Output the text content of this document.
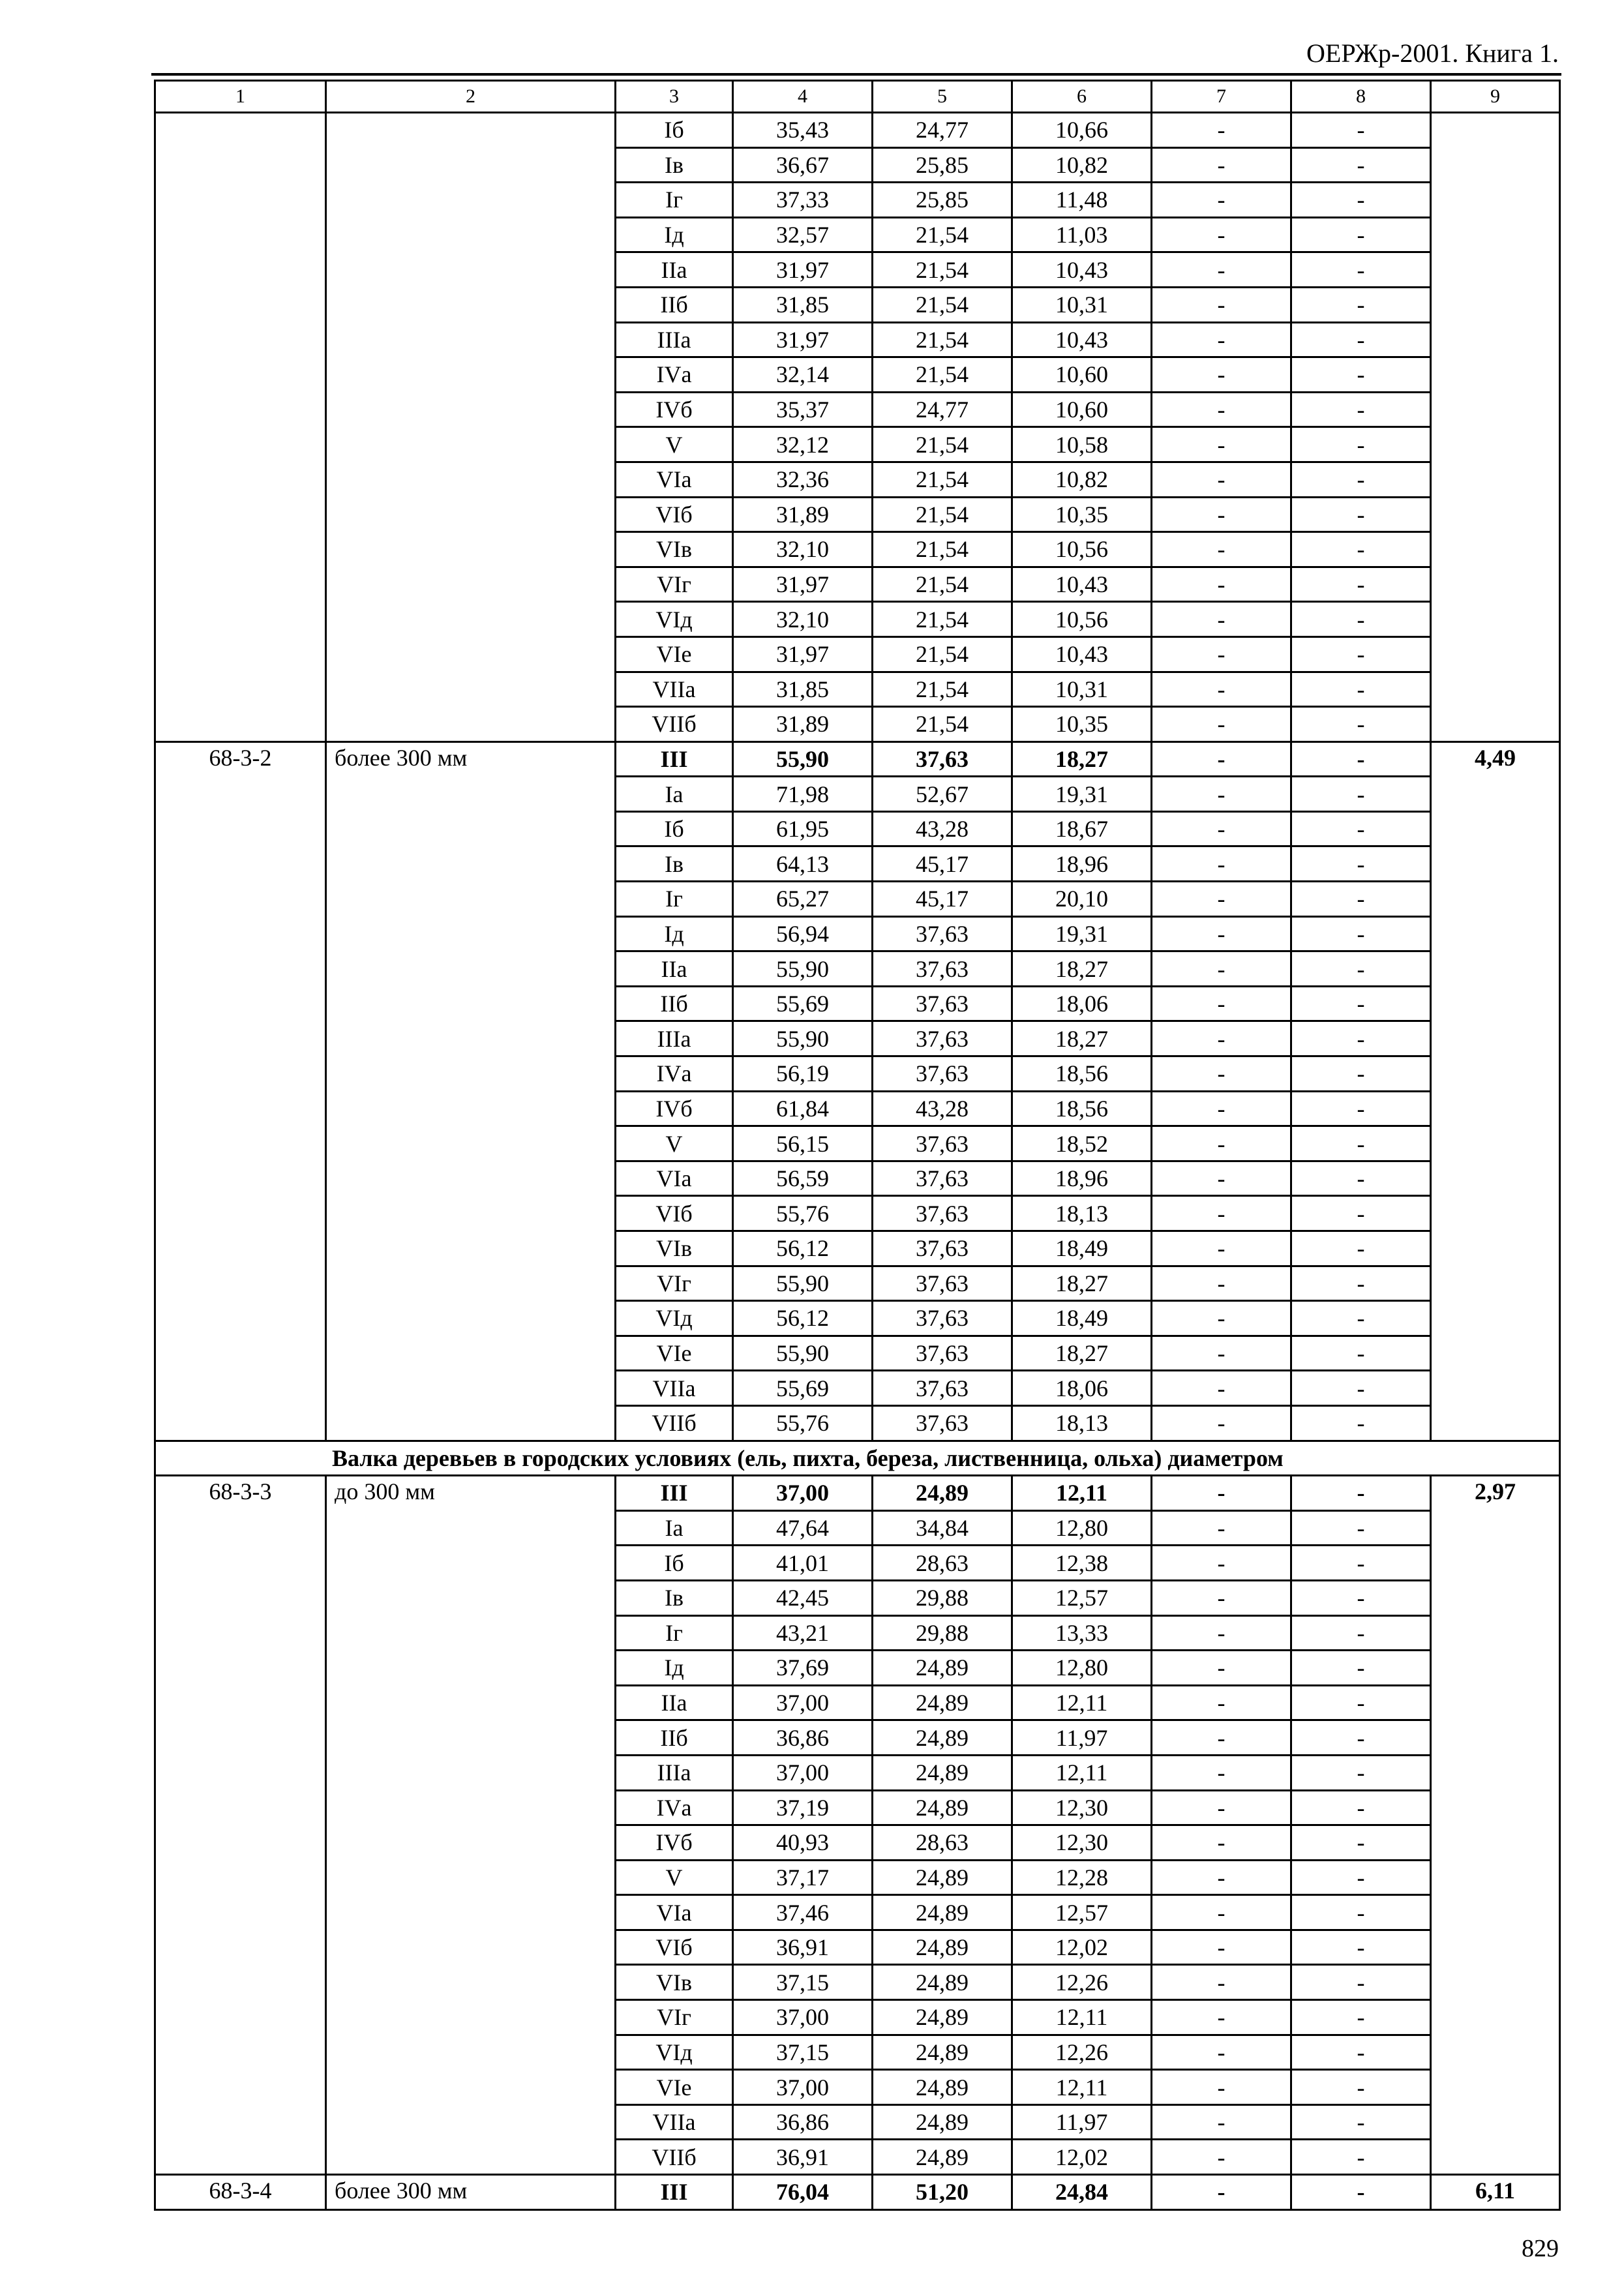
ОЕРЖр-2001. Книга 1.
1	2	3	4	5	6	7	8	9
		Iб	35,43	24,77	10,66	-	-	
		Iв	36,67	25,85	10,82	-	-	
		Iг	37,33	25,85	11,48	-	-	
		Iд	32,57	21,54	11,03	-	-	
		IIа	31,97	21,54	10,43	-	-	
		IIб	31,85	21,54	10,31	-	-	
		IIIа	31,97	21,54	10,43	-	-	
		IVа	32,14	21,54	10,60	-	-	
		IVб	35,37	24,77	10,60	-	-	
		V	32,12	21,54	10,58	-	-	
		VIа	32,36	21,54	10,82	-	-	
		VIб	31,89	21,54	10,35	-	-	
		VIв	32,10	21,54	10,56	-	-	
		VIг	31,97	21,54	10,43	-	-	
		VIд	32,10	21,54	10,56	-	-	
		VIе	31,97	21,54	10,43	-	-	
		VIIа	31,85	21,54	10,31	-	-	
		VIIб	31,89	21,54	10,35	-	-	
68-3-2	более 300 мм	III	55,90	37,63	18,27	-	-	4,49
		Iа	71,98	52,67	19,31	-	-	
		Iб	61,95	43,28	18,67	-	-	
		Iв	64,13	45,17	18,96	-	-	
		Iг	65,27	45,17	20,10	-	-	
		Iд	56,94	37,63	19,31	-	-	
		IIа	55,90	37,63	18,27	-	-	
		IIб	55,69	37,63	18,06	-	-	
		IIIа	55,90	37,63	18,27	-	-	
		IVа	56,19	37,63	18,56	-	-	
		IVб	61,84	43,28	18,56	-	-	
		V	56,15	37,63	18,52	-	-	
		VIа	56,59	37,63	18,96	-	-	
		VIб	55,76	37,63	18,13	-	-	
		VIв	56,12	37,63	18,49	-	-	
		VIг	55,90	37,63	18,27	-	-	
		VIд	56,12	37,63	18,49	-	-	
		VIе	55,90	37,63	18,27	-	-	
		VIIа	55,69	37,63	18,06	-	-	
		VIIб	55,76	37,63	18,13	-	-	
Валка деревьев в городских условиях (ель, пихта, береза, лиственница, ольха) диаметром								
68-3-3	до 300 мм	III	37,00	24,89	12,11	-	-	2,97
		Iа	47,64	34,84	12,80	-	-	
		Iб	41,01	28,63	12,38	-	-	
		Iв	42,45	29,88	12,57	-	-	
		Iг	43,21	29,88	13,33	-	-	
		Iд	37,69	24,89	12,80	-	-	
		IIа	37,00	24,89	12,11	-	-	
		IIб	36,86	24,89	11,97	-	-	
		IIIа	37,00	24,89	12,11	-	-	
		IVа	37,19	24,89	12,30	-	-	
		IVб	40,93	28,63	12,30	-	-	
		V	37,17	24,89	12,28	-	-	
		VIа	37,46	24,89	12,57	-	-	
		VIб	36,91	24,89	12,02	-	-	
		VIв	37,15	24,89	12,26	-	-	
		VIг	37,00	24,89	12,11	-	-	
		VIд	37,15	24,89	12,26	-	-	
		VIе	37,00	24,89	12,11	-	-	
		VIIа	36,86	24,89	11,97	-	-	
		VIIб	36,91	24,89	12,02	-	-	
68-3-4	более 300 мм	III	76,04	51,20	24,84	-	-	6,11
829
